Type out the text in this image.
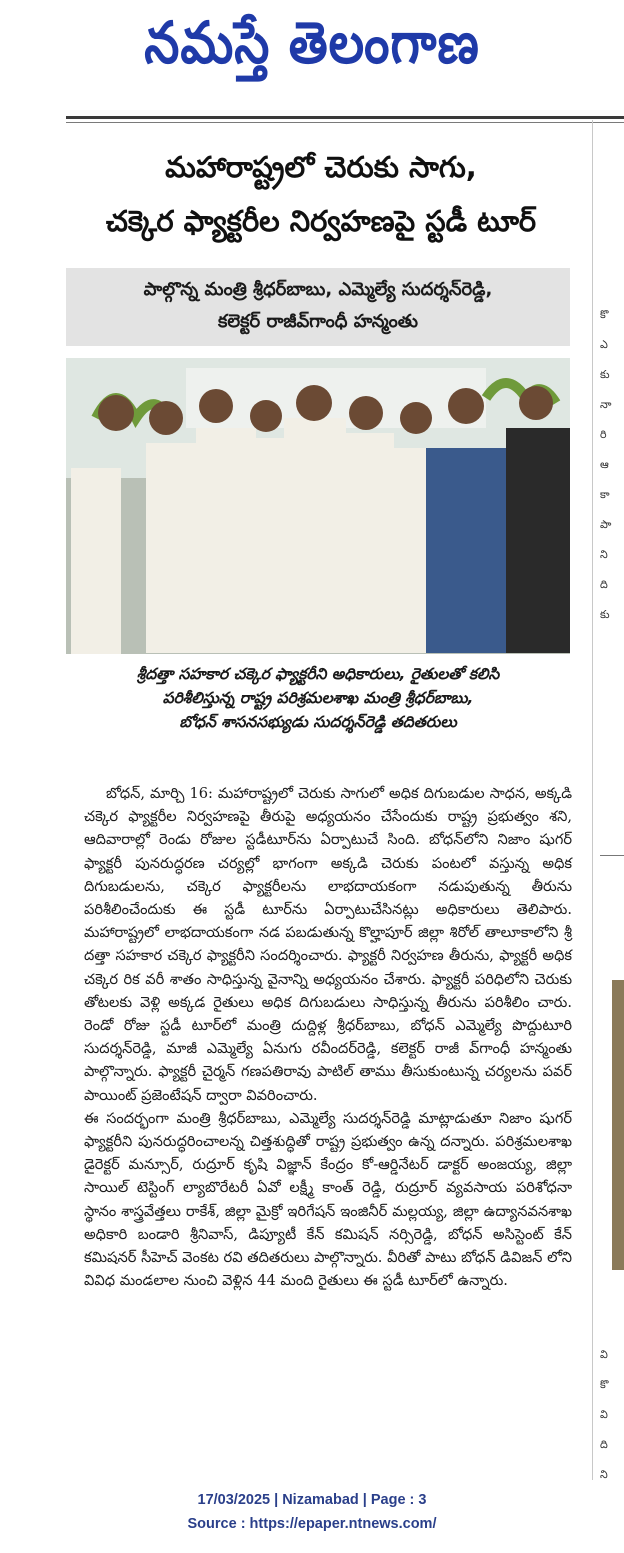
నమస్తే తెలంగాణ
మహారాష్ట్రలో చెరుకు సాగు,
చక్కెర ఫ్యాక్టరీల నిర్వహణపై స్టడీ టూర్
పాల్గొన్న మంత్రి శ్రీధర్‌బాబు, ఎమ్మెల్యే సుదర్శన్‌రెడ్డి,
కలెక్టర్ రాజీవ్‌గాంధీ హన్మంతు
శ్రీదత్తా సహకార చక్కెర ఫ్యాక్టరీని అధికారులు, రైతులతో కలిసి
పరిశీలిస్తున్న రాష్ట్ర పరిశ్రమలశాఖ మంత్రి శ్రీధర్‌బాబు,
బోధన్ శాసనసభ్యుడు సుదర్శన్‌రెడ్డి తదితరులు
బోధన్, మార్చి 16: మహారాష్ట్రలో చెరుకు సాగులో అధిక దిగుబడుల సాధన, అక్కడి చక్కెర ఫ్యాక్టరీల నిర్వహణపై తీరుపై అధ్యయనం చేసేందుకు రాష్ట్ర ప్రభుత్వం శని, ఆదివారాల్లో రెండు రోజుల స్టడీటూర్‌ను ఏర్పాటుచే సింది. బోధన్‌లోని నిజాం షుగర్ ఫ్యాక్టరీ పునరుద్ధరణ చర్యల్లో భాగంగా అక్కడి చెరుకు పంటలో వస్తున్న అధిక దిగుబడులను, చక్కెర ఫ్యాక్టరీలను లాభదాయకంగా నడుపుతున్న తీరును పరిశీలించేందుకు ఈ స్టడీ టూర్‌ను ఏర్పాటుచేసినట్లు అధికారులు తెలిపారు. మహారాష్ట్రలో లాభదాయకంగా నడ పబడుతున్న కొల్హాపూర్ జిల్లా శిరోల్ తాలూకాలోని శ్రీ దత్తా సహకార చక్కెర ఫ్యాక్టరీని సందర్శించారు. ఫ్యాక్టరీ నిర్వహణ తీరును, ఫ్యాక్టరీ అధిక చక్కెర రిక వరీ శాతం సాధిస్తున్న వైనాన్ని అధ్యయనం చేశారు. ఫ్యాక్టరీ పరిధిలోని చెరుకు తోటలకు వెళ్లి అక్కడ రైతులు అధిక దిగుబడులు సాధిస్తున్న తీరును పరిశీలిం చారు. రెండో రోజు స్టడీ టూర్‌లో మంత్రి దుద్దిళ్ల శ్రీధర్‌బాబు, బోధన్ ఎమ్మెల్యే పొద్దుటూరి సుదర్శన్‌రెడ్డి, మాజీ ఎమ్మెల్యే ఏనుగు రవీందర్‌రెడ్డి, కలెక్టర్ రాజీ వ్‌గాంధీ హన్మంతు పాల్గొన్నారు. ఫ్యాక్టరీ చైర్మన్ గణపతిరావు పాటిల్ తాము తీసుకుంటున్న చర్యలను పవర్ పాయింట్ ప్రజెంటేషన్ ద్వారా వివరించారు.
ఈ సందర్భంగా మంత్రి శ్రీధర్‌బాబు, ఎమ్మెల్యే సుదర్శన్‌రెడ్డి మాట్లాడుతూ నిజాం షుగర్ ఫ్యాక్టరీని పునరుద్ధరించాలన్న చిత్తశుద్ధితో రాష్ట్ర ప్రభుత్వం ఉన్న దన్నారు. పరిశ్రమలశాఖ డైరెక్టర్ మన్సూర్, రుద్రూర్ కృషి విజ్ఞాన్ కేంద్రం కో-ఆర్డినేటర్ డాక్టర్ అంజయ్య, జిల్లా సాయిల్ టెస్టింగ్ ల్యాబొరేటరీ ఏవో లక్ష్మీ కాంత్ రెడ్డి, రుద్రూర్ వ్యవసాయ పరిశోధనా స్థానం శాస్త్రవేత్తలు రాకేశ్, జిల్లా మైక్రో ఇరిగేషన్ ఇంజినీర్ మల్లయ్య, జిల్లా ఉద్యానవనశాఖ అధికారి బండారి శ్రీనివాస్, డిప్యూటీ కేన్ కమిషన్ నర్సిరెడ్డి, బోధన్ అసిస్టెంట్ కేన్ కమిషనర్ సీహెచ్ వెంకట రవి తదితరులు పాల్గొన్నారు. వీరితో పాటు బోధన్ డివిజన్ లోని వివిధ మండలాల నుంచి వెళ్లిన 44 మంది రైతులు ఈ స్టడీ టూర్‌లో ఉన్నారు.
కొ
ఎ
కు
నా
రి
ఆ
కా
పా
ని
ది
కు
వి
కొ
వి
ది
ని
17/03/2025 | Nizamabad | Page : 3
Source : https://epaper.ntnews.com/
